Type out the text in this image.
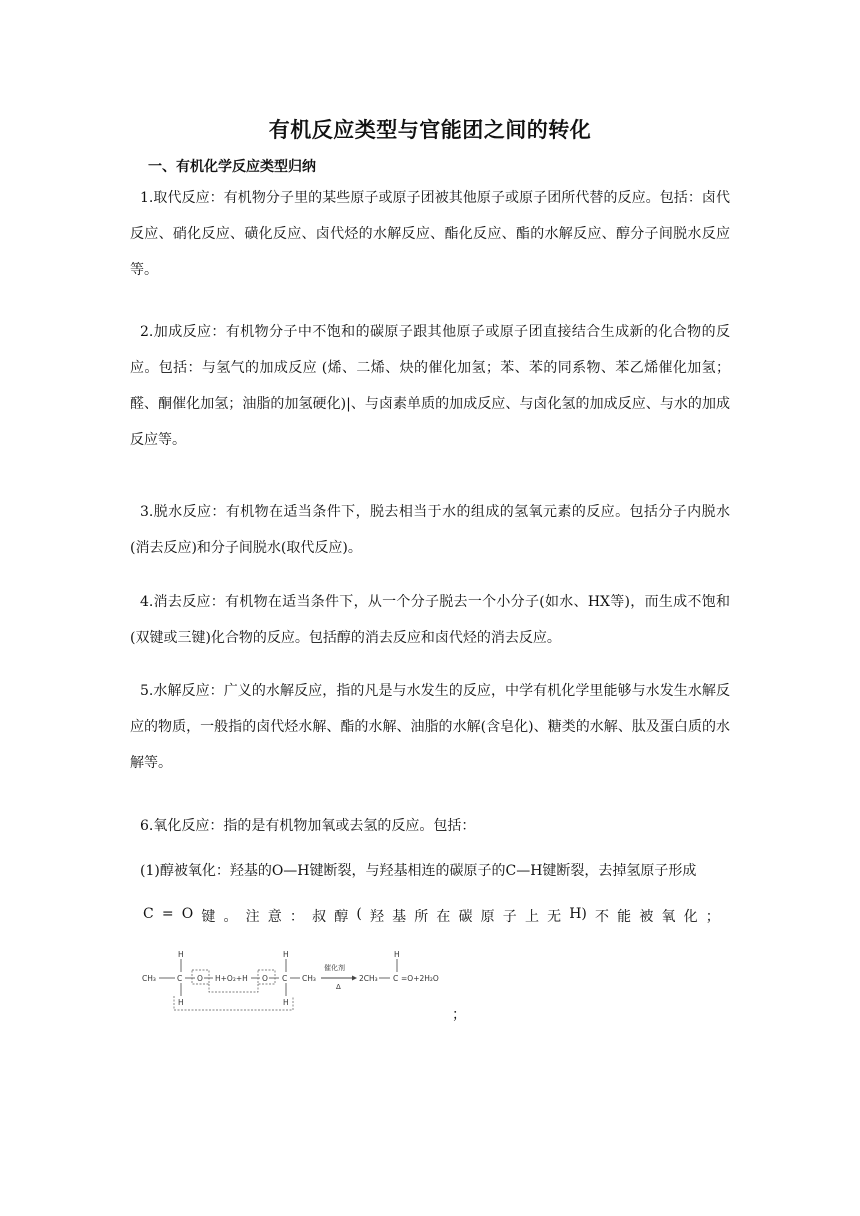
有机反应类型与官能团之间的转化
一、有机化学反应类型归纳

1.取代反应：有机物分子里的某些原子或原子团被其他原子或原子团所代替的反应。包括：卤代反应、硝化反应、磺化反应、卤代烃的水解反应、酯化反应、酯的水解反应、醇分子间脱水反应等。

2.加成反应：有机物分子中不饱和的碳原子跟其他原子或原子团直接结合生成新的化合物的反应。包括：与氢气的加成反应 (烯、二烯、炔的催化加氢；苯、苯的同系物、苯乙烯催化加氢；醛、酮催化加氢；油脂的加氢硬化)|、与卤素单质的加成反应、与卤化氢的加成反应、与水的加成反应等。

3.脱水反应：有机物在适当条件下，脱去相当于水的组成的氢氧元素的反应。包括分子内脱水(消去反应)和分子间脱水(取代反应)。

4.消去反应：有机物在适当条件下，从一个分子脱去一个小分子(如水、HX等)，而生成不饱和(双键或三键)化合物的反应。包括醇的消去反应和卤代烃的消去反应。

5.水解反应：广义的水解反应，指的凡是与水发生的反应，中学有机化学里能够与水发生水解反应的物质，一般指的卤代烃水解、酯的水解、油脂的水解(含皂化)、糖类的水解、肽及蛋白质的水解等。

6.氧化反应：指的是有机物加氧或去氢的反应。包括：

(1)醇被氧化：羟基的O—H键断裂，与羟基相连的碳原子的C—H键断裂，去掉氢原子形成

C = O 键 。 注 意 ： 叔 醇 ( 羟 基 所 在 碳 原 子 上 无 H) 不 能 被 氧 化 ；
H	H	H
CH₃	C O H+O₂+H O C CH₃
催化剂
Δ
2CH₃ C =O+2H₂O
H	H
；
